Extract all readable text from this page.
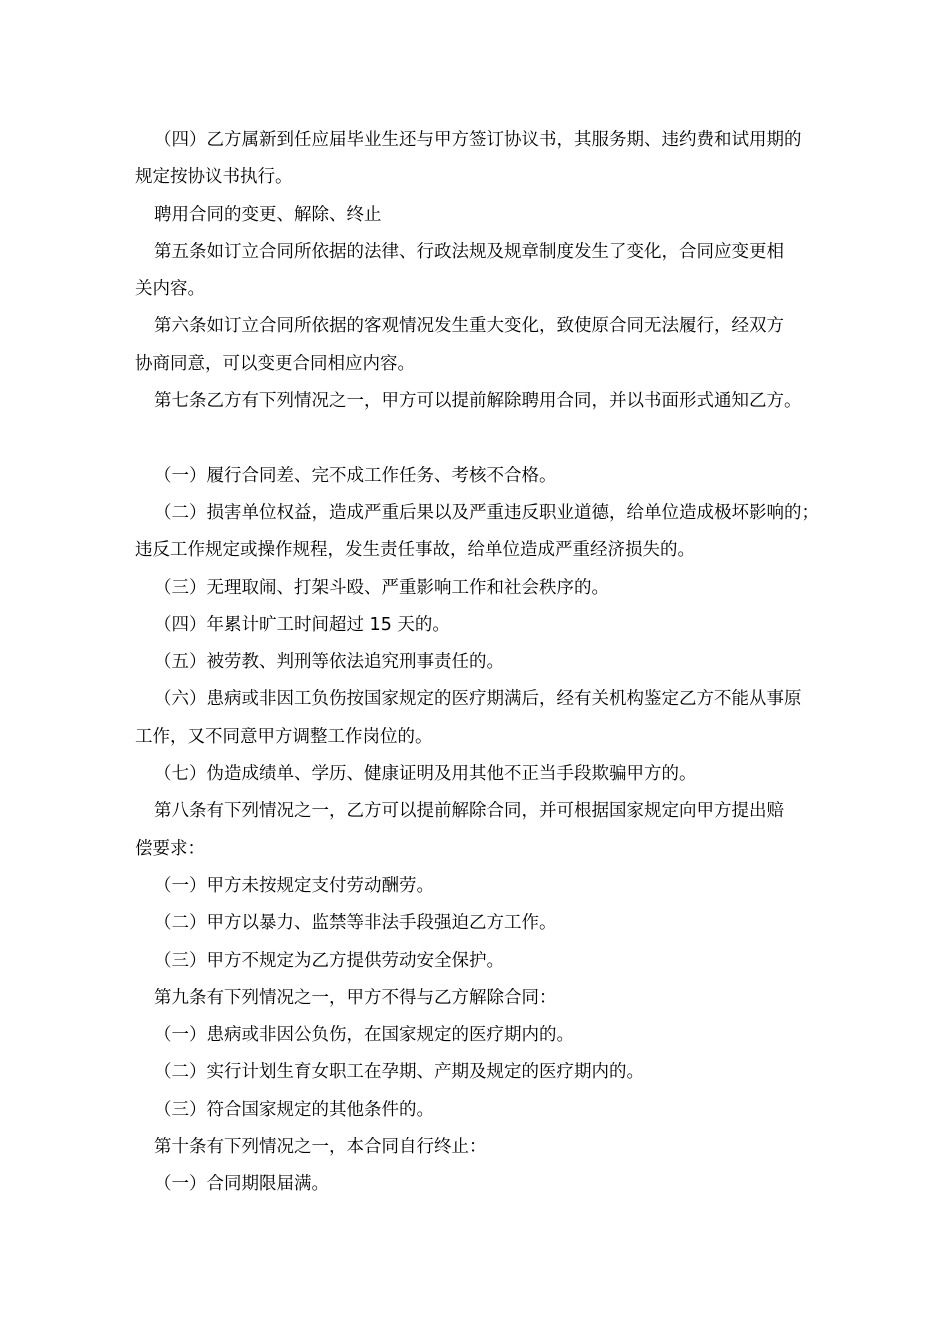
（四）乙方属新到任应届毕业生还与甲方签订协议书，其服务期、违约费和试用期的
规定按协议书执行。
聘用合同的变更、解除、终止
第五条如订立合同所依据的法律、行政法规及规章制度发生了变化，合同应变更相
关内容。
第六条如订立合同所依据的客观情况发生重大变化，致使原合同无法履行，经双方
协商同意，可以变更合同相应内容。
第七条乙方有下列情况之一，甲方可以提前解除聘用合同，并以书面形式通知乙方。
（一）履行合同差、完不成工作任务、考核不合格。
（二）损害单位权益，造成严重后果以及严重违反职业道德，给单位造成极坏影响的；
违反工作规定或操作规程，发生责任事故，给单位造成严重经济损失的。
（三）无理取闹、打架斗殴、严重影响工作和社会秩序的。
（四）年累计旷工时间超过 15 天的。
（五）被劳教、判刑等依法追究刑事责任的。
（六）患病或非因工负伤按国家规定的医疗期满后，经有关机构鉴定乙方不能从事原
工作，又不同意甲方调整工作岗位的。
（七）伪造成绩单、学历、健康证明及用其他不正当手段欺骗甲方的。
第八条有下列情况之一，乙方可以提前解除合同，并可根据国家规定向甲方提出赔
偿要求：
（一）甲方未按规定支付劳动酬劳。
（二）甲方以暴力、监禁等非法手段强迫乙方工作。
（三）甲方不规定为乙方提供劳动安全保护。
第九条有下列情况之一，甲方不得与乙方解除合同：
（一）患病或非因公负伤，在国家规定的医疗期内的。
（二）实行计划生育女职工在孕期、产期及规定的医疗期内的。
（三）符合国家规定的其他条件的。
第十条有下列情况之一，本合同自行终止：
（一）合同期限届满。
